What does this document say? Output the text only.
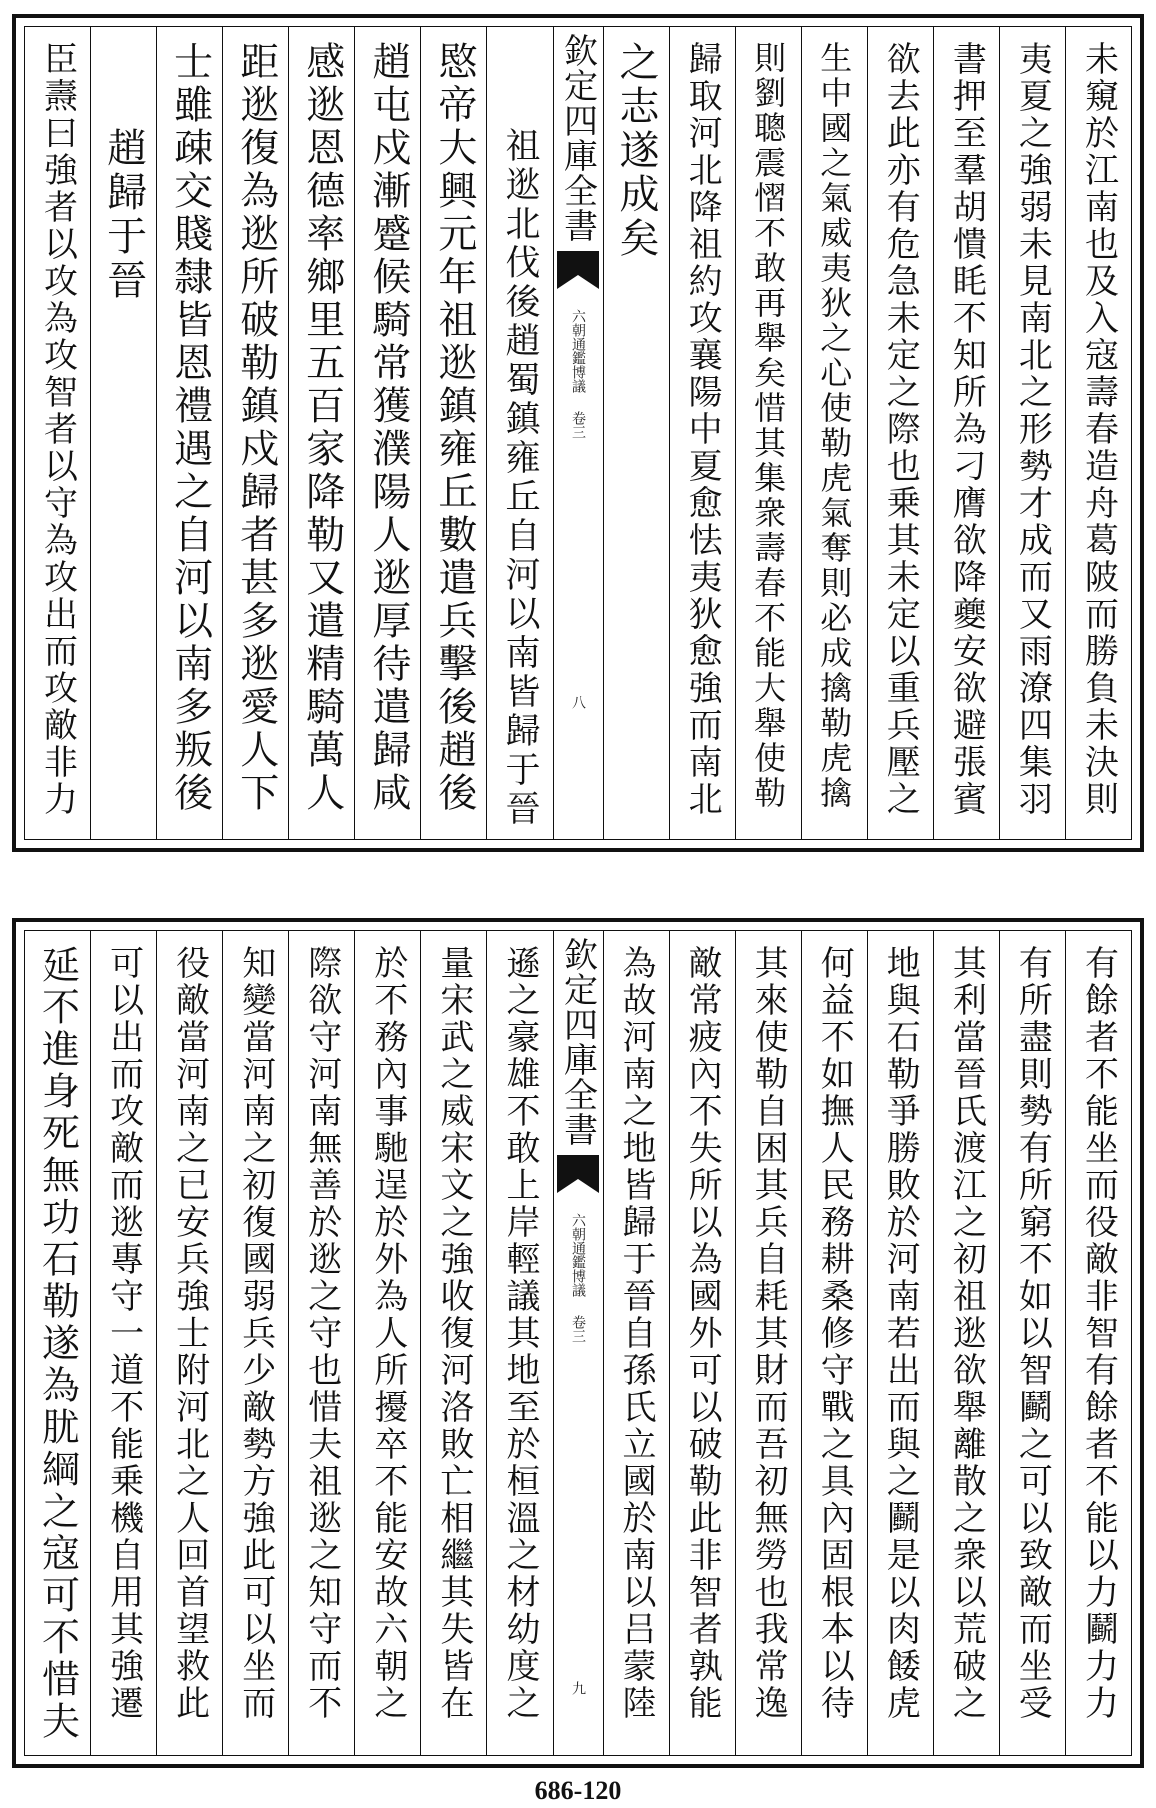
未窺於江南也及入寇壽春造舟葛陂而勝負未決則
夷夏之強弱未見南北之形勢才成而又雨潦四集羽
書押至羣胡憒眊不知所為刁膺欲降夔安欲避張賓
欲去此亦有危急未定之際也乗其未定以重兵壓之
生中國之氣威夷狄之心使勒虎氣奪則必成擒勒虎擒
則劉聰震慴不敢再舉矣惜其集衆壽春不能大舉使勒
歸取河北降祖約攻襄陽中夏愈怯夷狄愈強而南北
之志遂成矣
欽定四庫全書
六朝通鑑博議
卷三
八
祖逖北伐後趙蜀鎮雍丘自河以南皆歸于晉
愍帝大興元年祖逖鎮雍丘數遣兵擊後趙後
趙屯戍漸蹙候騎常獲濮陽人逖厚待遣歸咸
感逖恩德率鄉里五百家降勒又遣精騎萬人
距逖復為逖所破勒鎮戍歸者甚多逖愛人下
士雖疎交賤隸皆恩禮遇之自河以南多叛後
趙歸于晉
臣燾曰強者以攻為攻智者以守為攻出而攻敵非力
有餘者不能坐而役敵非智有餘者不能以力鬬力力
有所盡則勢有所窮不如以智鬬之可以致敵而坐受
其利當晉氏渡江之初祖逖欲舉離散之衆以荒破之
地與石勒爭勝敗於河南若出而與之鬬是以肉餧虎
何益不如撫人民務耕桑修守戰之具內固根本以待
其來使勒自困其兵自耗其財而吾初無勞也我常逸
敵常疲內不失所以為國外可以破勒此非智者孰能
為故河南之地皆歸于晉自孫氏立國於南以吕蒙陸
欽定四庫全書
六朝通鑑博議
卷三
九
遜之豪雄不敢上岸輕議其地至於桓溫之材幼度之
量宋武之威宋文之強收復河洛敗亡相繼其失皆在
於不務內事馳逞於外為人所擾卒不能安故六朝之
際欲守河南無善於逖之守也惜夫祖逖之知守而不
知變當河南之初復國弱兵少敵勢方強此可以坐而
役敵當河南之已安兵強士附河北之人回首望救此
可以出而攻敵而逖專守一道不能乗機自用其強遷
延不進身死無功石勒遂為肬綱之寇可不惜夫
686-120
